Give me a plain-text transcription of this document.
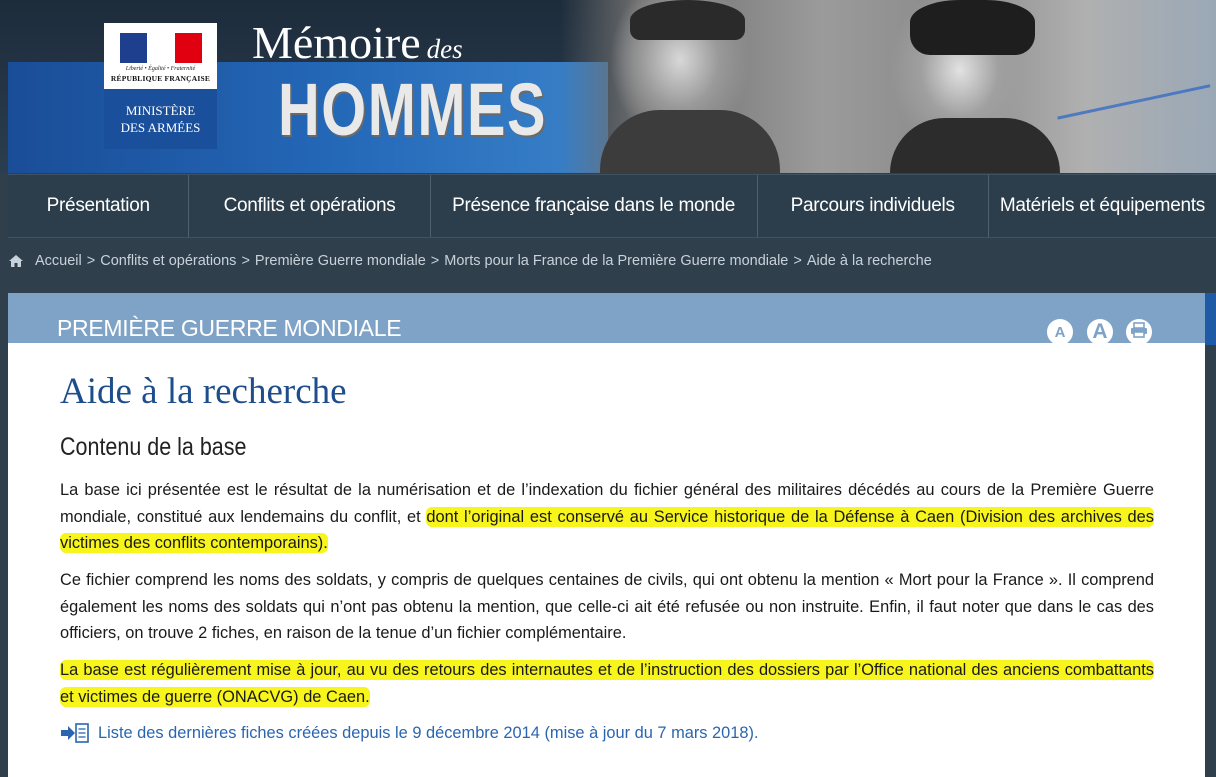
Liberté • Égalité • Fraternité
RÉPUBLIQUE FRANÇAISE
MINISTÈRE
DES ARMÉES
Mémoire des
HOMMES
Présentation	Conflits et opérations	Présence française dans le monde	Parcours individuels	Matériels et équipements
Accueil > Conflits et opérations > Première Guerre mondiale > Morts pour la France de la Première Guerre mondiale > Aide à la recherche
PREMIÈRE GUERRE MONDIALE	A	A
Aide à la recherche
Contenu de la base
La base ici présentée est le résultat de la numérisation et de l’indexation du fichier général des militaires décédés au cours de la Première Guerre mondiale, constitué aux lendemains du conflit, et dont l’original est conservé au Service historique de la Défense à Caen (Division des archives des victimes des conflits contemporains).
Ce fichier comprend les noms des soldats, y compris de quelques centaines de civils, qui ont obtenu la mention « Mort pour la France ». Il comprend également les noms des soldats qui n’ont pas obtenu la mention, que celle-ci ait été refusée ou non instruite. Enfin, il faut noter que dans le cas des officiers, on trouve 2 fiches, en raison de la tenue d’un fichier complémentaire.
La base est régulièrement mise à jour, au vu des retours des internautes et de l’instruction des dossiers par l’Office national des anciens combattants et victimes de guerre (ONACVG) de Caen.
Liste des dernières fiches créées depuis le 9 décembre 2014 (mise à jour du 7 mars 2018).
